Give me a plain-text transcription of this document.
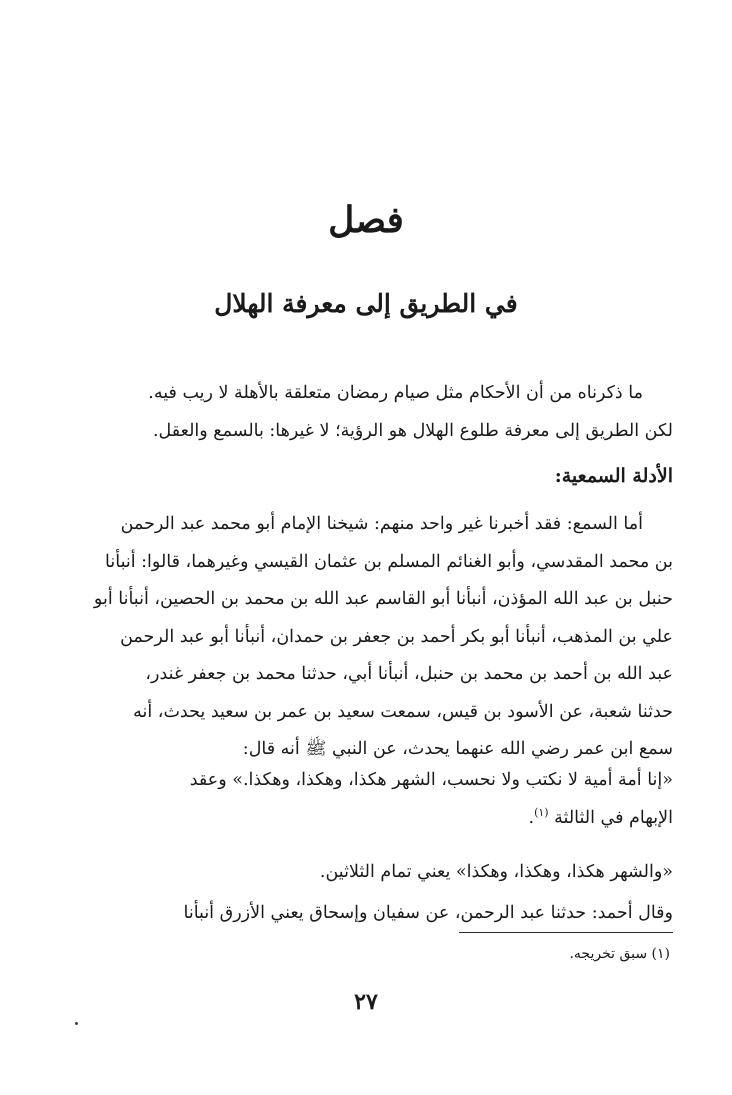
فصل
في الطريق إلى معرفة الهلال
ما ذكرناه من أن الأحكام مثل صيام رمضان متعلقة بالأهلة لا ريب فيه.
لكن الطريق إلى معرفة طلوع الهلال هو الرؤية؛ لا غيرها: بالسمع والعقل.
الأدلة السمعية:
أما السمع: فقد أخبرنا غير واحد منهم: شيخنا الإمام أبو محمد عبد الرحمن
بن محمد المقدسي، وأبو الغنائم المسلم بن عثمان القيسي وغيرهما، قالوا: أنبأنا
حنبل بن عبد الله المؤذن، أنبأنا أبو القاسم عبد الله بن محمد بن الحصين، أنبأنا أبو
علي بن المذهب، أنبأنا أبو بكر أحمد بن جعفر بن حمدان، أنبأنا أبو عبد الرحمن
عبد الله بن أحمد بن محمد بن حنبل، أنبأنا أبي، حدثنا محمد بن جعفر غندر،
حدثنا شعبة، عن الأسود بن قيس، سمعت سعيد بن عمر بن سعيد يحدث، أنه
سمع ابن عمر رضي الله عنهما يحدث، عن النبي ﷺ أنه قال:
«إنا أمة أمية لا نكتب ولا نحسب، الشهر هكذا، وهكذا، وهكذا.» وعقد
الإبهام في الثالثة $^{(١)}$.
«والشهر هكذا، وهكذا، وهكذا» يعني تمام الثلاثين.
وقال أحمد: حدثنا عبد الرحمن، عن سفيان وإسحاق يعني الأزرق أنبأنا
(١) سبق تخريجه.
٢٧
